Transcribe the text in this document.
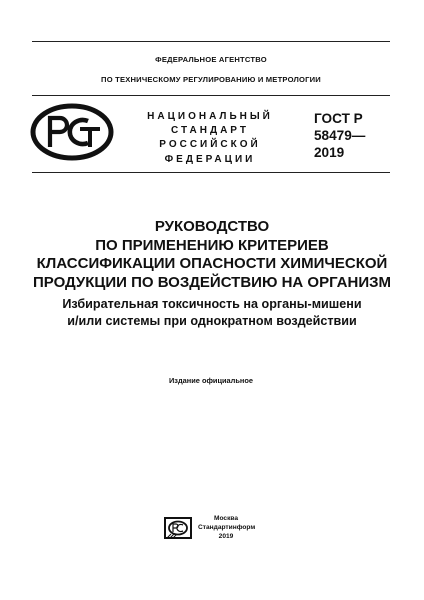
ФЕДЕРАЛЬНОЕ АГЕНТСТВО
ПО ТЕХНИЧЕСКОМУ РЕГУЛИРОВАНИЮ И МЕТРОЛОГИИ
НАЦИОНАЛЬНЫЙ
СТАНДАРТ
РОССИЙСКОЙ
ФЕДЕРАЦИИ
ГОСТ Р
58479—
2019
РУКОВОДСТВО
ПО ПРИМЕНЕНИЮ КРИТЕРИЕВ
КЛАССИФИКАЦИИ ОПАСНОСТИ ХИМИЧЕСКОЙ
ПРОДУКЦИИ ПО ВОЗДЕЙСТВИЮ НА ОРГАНИЗМ
Избирательная токсичность на органы-мишени
и/или системы при однократном воздействии
Издание официальное
Москва
Стандартинформ
2019
